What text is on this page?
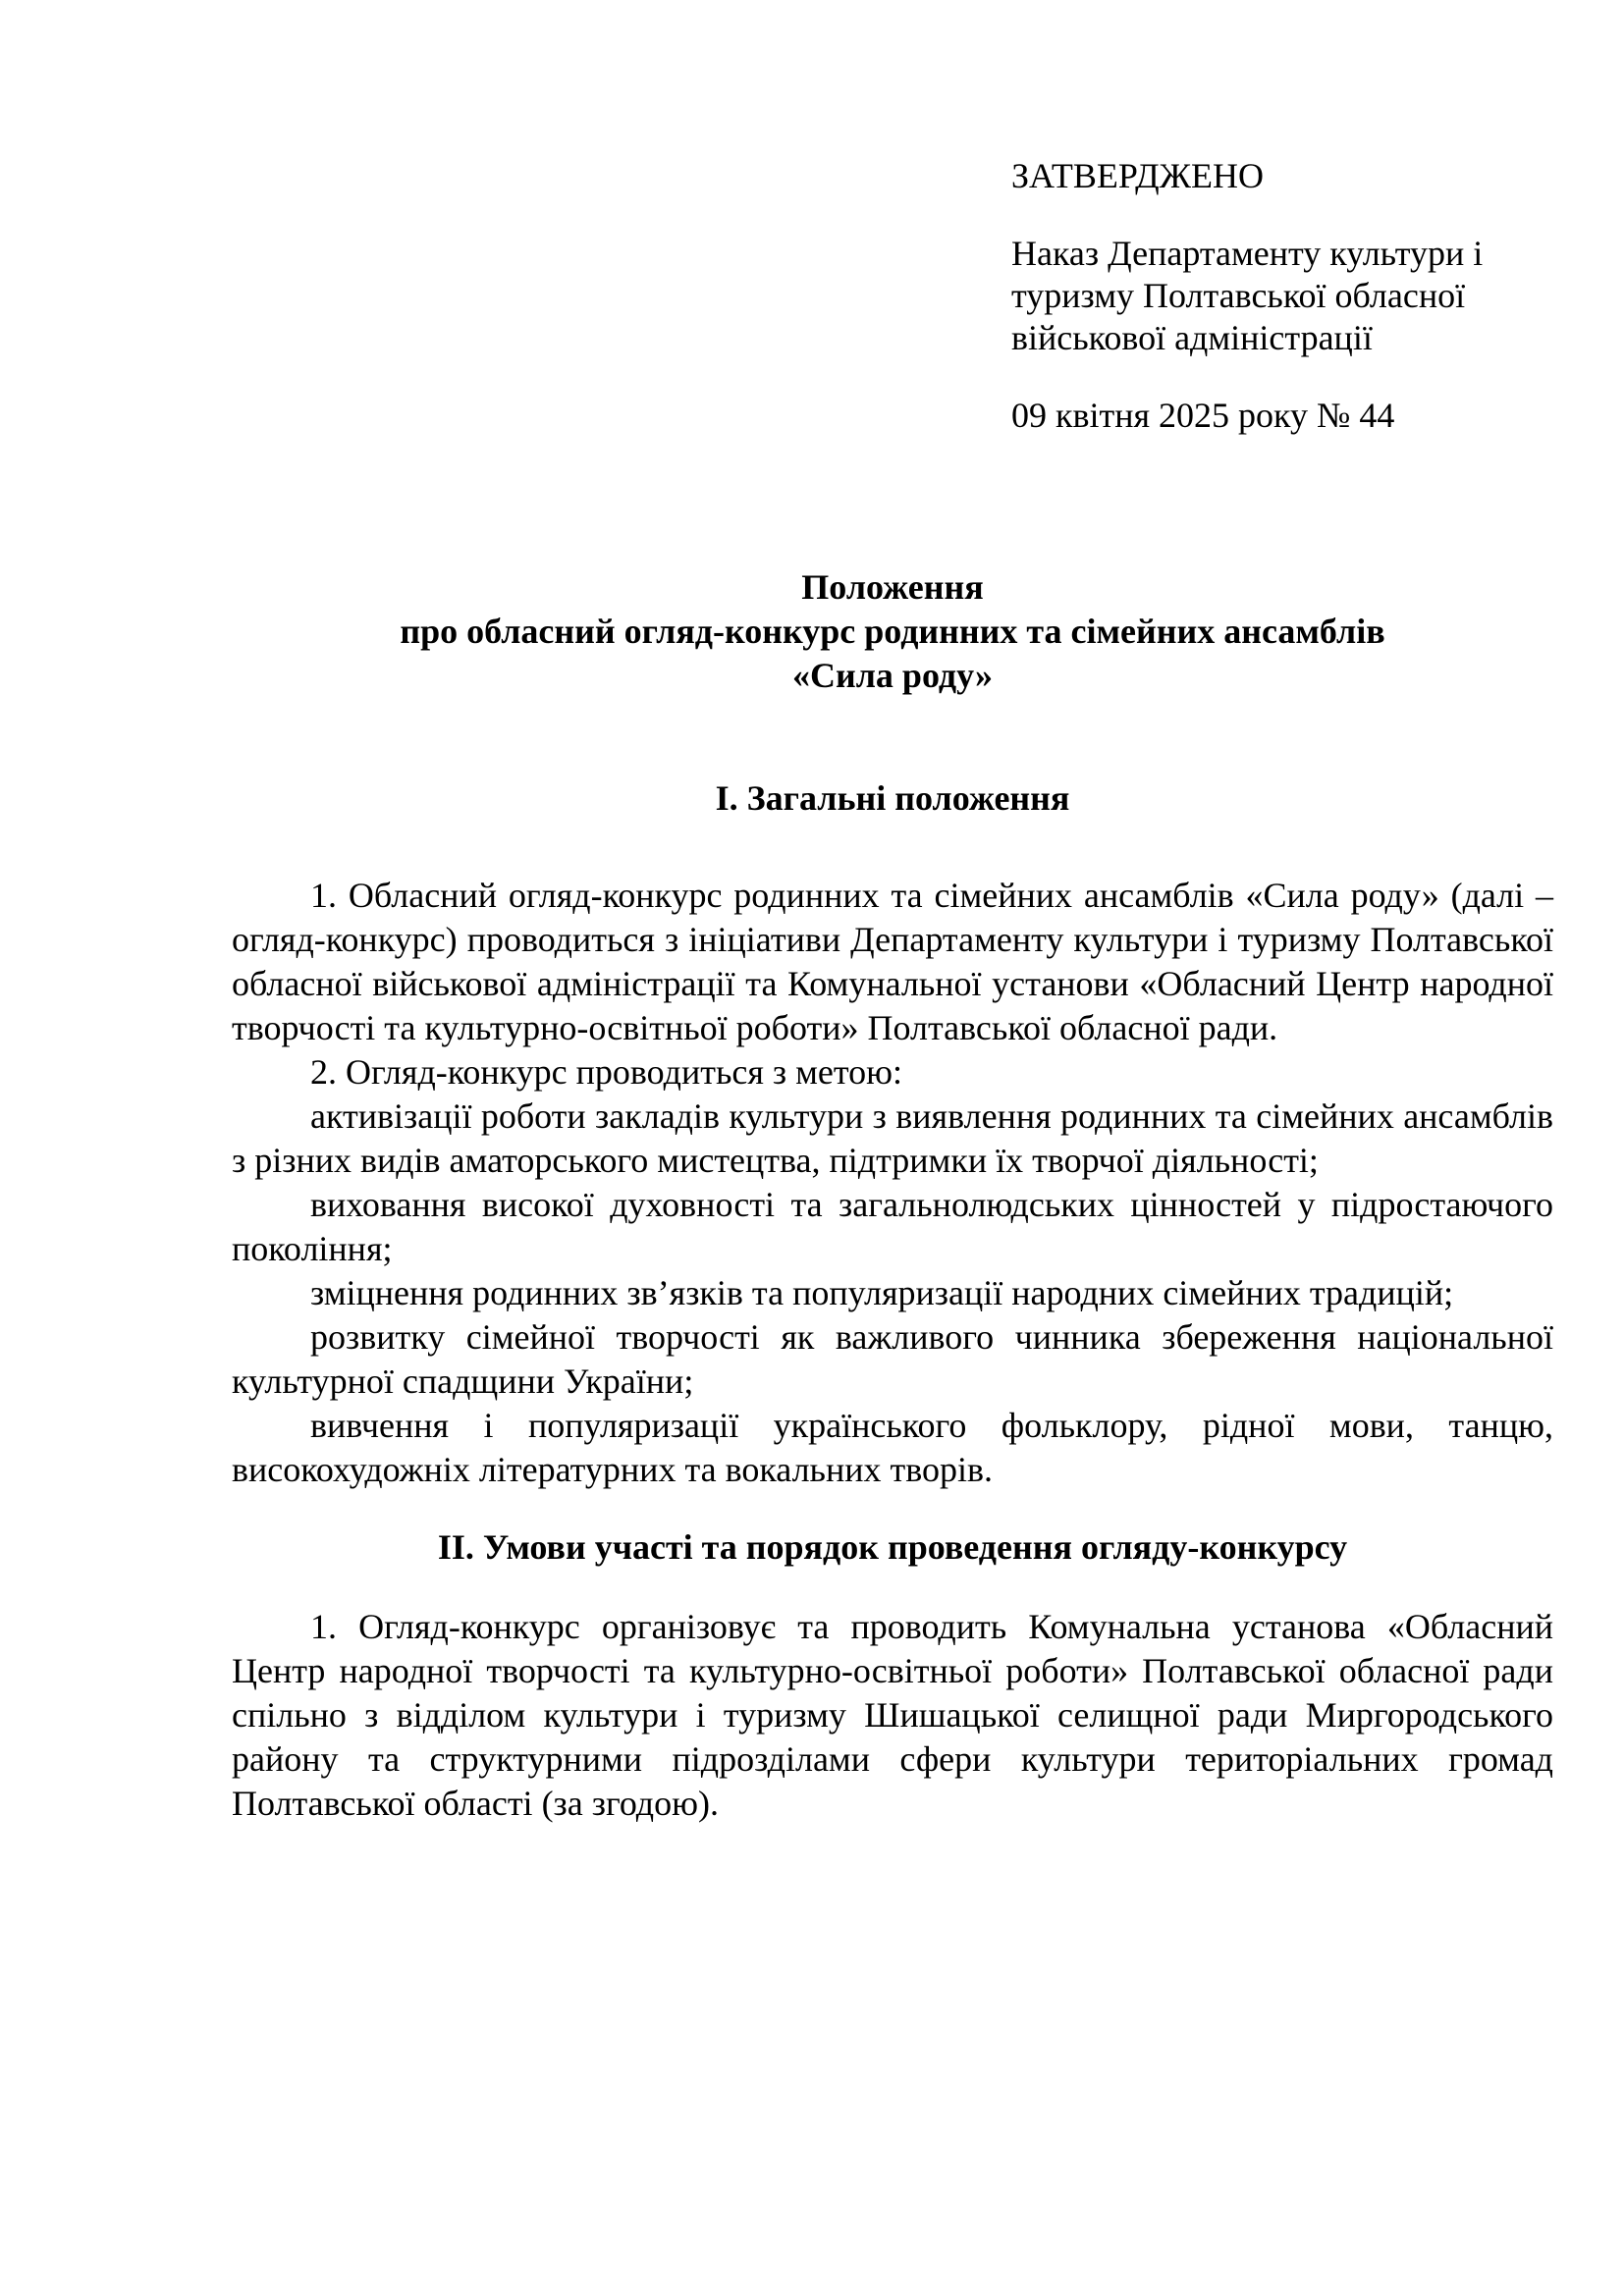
ЗАТВЕРДЖЕНО

Наказ Департаменту культури і туризму Полтавської обласної військової адміністрації

09 квітня 2025 року № 44

Положення

про обласний огляд-конкурс родинних та сімейних ансамблів

«Сила роду»

І. Загальні положення

1. Обласний огляд-конкурс родинних та сімейних ансамблів «Сила роду» (далі – огляд-конкурс) проводиться з ініціативи Департаменту культури і туризму Полтавської обласної військової адміністрації та Комунальної установи «Обласний Центр народної творчості та культурно-освітньої роботи» Полтавської обласної ради.

2. Огляд-конкурс проводиться з метою:

активізації роботи закладів культури з виявлення родинних та сімейних ансамблів з різних видів аматорського мистецтва, підтримки їх творчої діяльності;

виховання високої духовності та загальнолюдських цінностей у підростаючого покоління;

зміцнення родинних зв’язків та популяризації народних сімейних традицій;

розвитку сімейної творчості як важливого чинника збереження національної культурної спадщини України;

вивчення і популяризації українського фольклору, рідної мови, танцю, високохудожніх літературних та вокальних творів.

ІІ. Умови участі та порядок проведення огляду-конкурсу

1. Огляд-конкурс організовує та проводить Комунальна установа «Обласний Центр народної творчості та культурно-освітньої роботи» Полтавської обласної ради спільно з відділом культури і туризму Шишацької селищної ради Миргородського району та структурними підрозділами сфери культури територіальних громад Полтавської області (за згодою).
